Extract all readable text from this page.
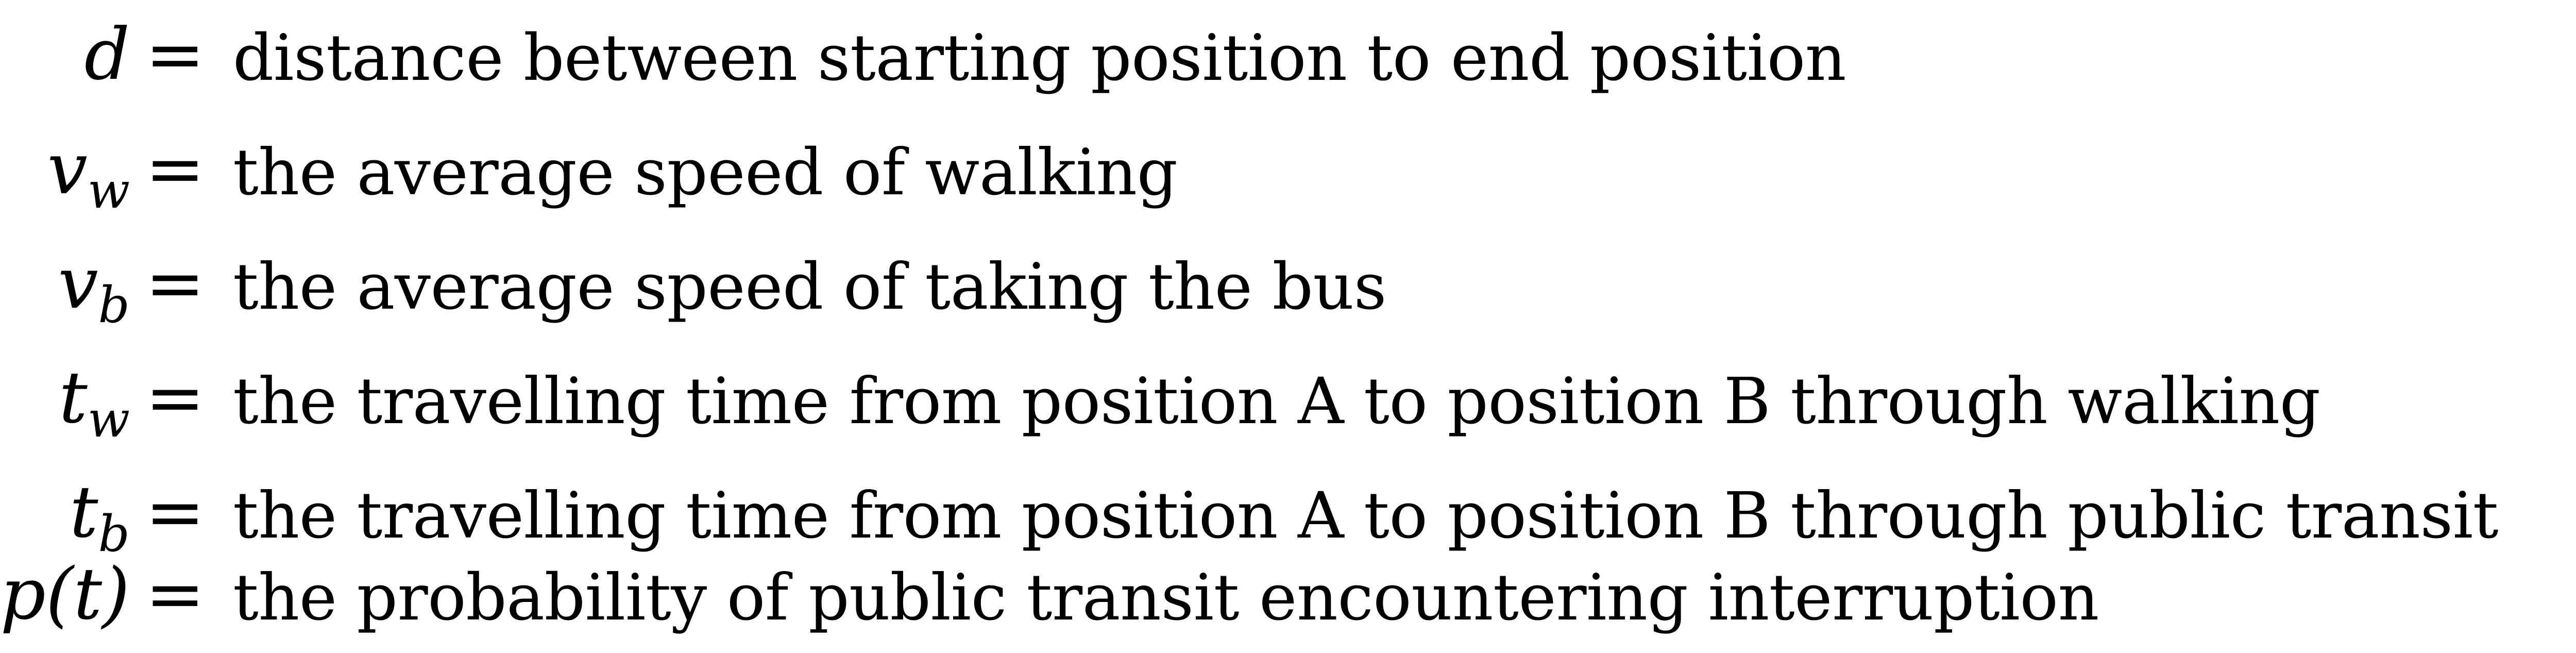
d = distance between starting position to end position
$v_w$ = the average speed of walking
$v_b$ = the average speed of taking the bus
$t_w$ = the travelling time from position A to position B through walking
$t_b$ = the travelling time from position A to position B through public transit
p(t) = the probability of public transit encountering interruption
